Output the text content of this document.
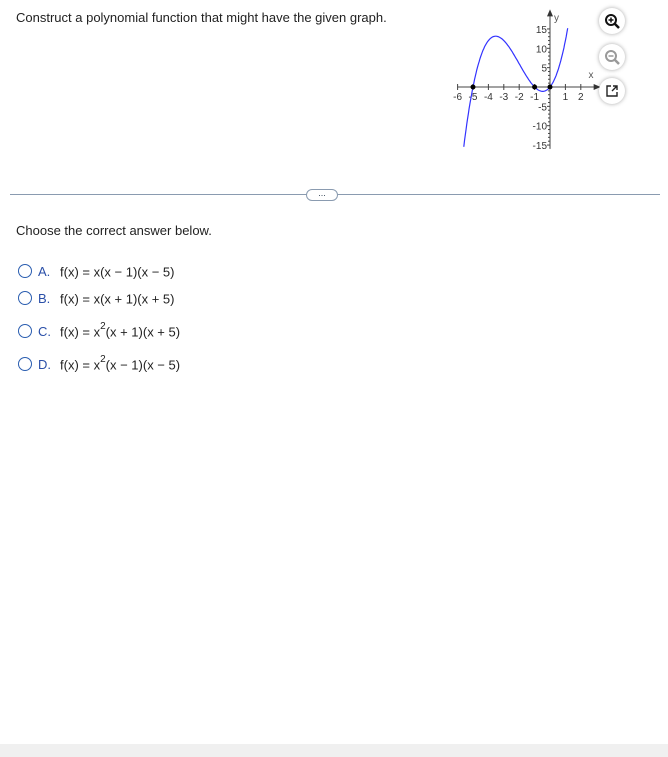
Construct a polynomial function that might have the given graph.
-6 -5 -4 -3 -2 -1 1 2
15
10
5
-5
-10
-15
x
y
...
Choose the correct answer below.
A. f(x) = x(x − 1)(x − 5)
B. f(x) = x(x + 1)(x + 5)
C. $f(x) = x^2(x + 1)(x + 5)$
D. $f(x) = x^2(x - 1)(x - 5)$
